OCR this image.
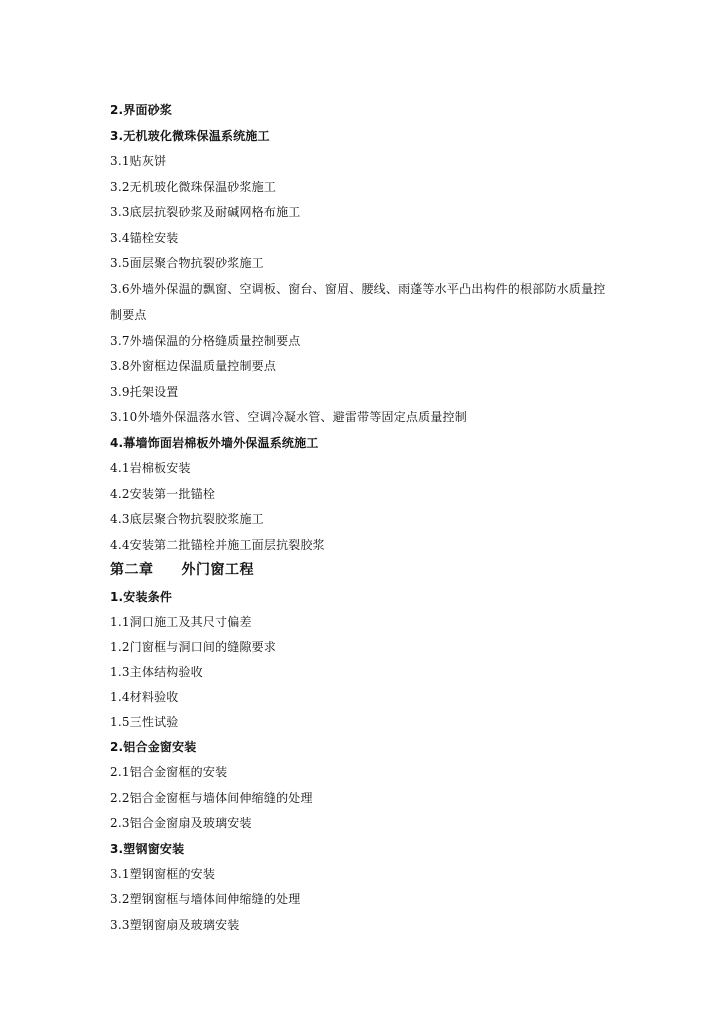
2.界面砂浆
3.无机玻化微珠保温系统施工
3.1贴灰饼
3.2无机玻化微珠保温砂浆施工
3.3底层抗裂砂浆及耐碱网格布施工
3.4锚栓安装
3.5面层聚合物抗裂砂浆施工
3.6外墙外保温的飘窗、空调板、窗台、窗眉、腰线、雨蓬等水平凸出构件的根部防水质量控
制要点
3.7外墙保温的分格缝质量控制要点
3.8外窗框边保温质量控制要点
3.9托架设置
3.10外墙外保温落水管、空调冷凝水管、避雷带等固定点质量控制
4.幕墙饰面岩棉板外墙外保温系统施工
4.1岩棉板安装
4.2安装第一批锚栓
4.3底层聚合物抗裂胶浆施工
4.4安装第二批锚栓并施工面层抗裂胶浆
第二章 外门窗工程
1.安装条件
1.1洞口施工及其尺寸偏差
1.2门窗框与洞口间的缝隙要求
1.3主体结构验收
1.4材料验收
1.5三性试验
2.铝合金窗安装
2.1铝合金窗框的安装
2.2铝合金窗框与墙体间伸缩缝的处理
2.3铝合金窗扇及玻璃安装
3.塑钢窗安装
3.1塑钢窗框的安装
3.2塑钢窗框与墙体间伸缩缝的处理
3.3塑钢窗扇及玻璃安装
